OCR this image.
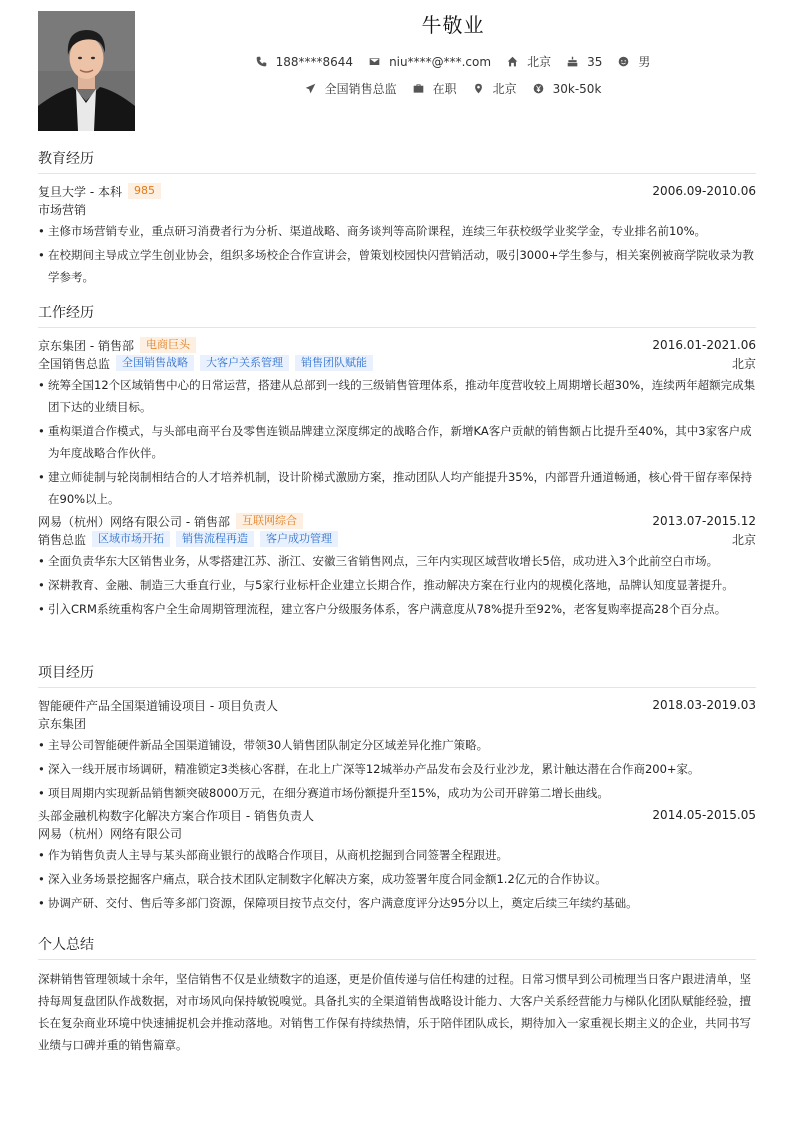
牛敬业
188****8644	niu****@***.com	北京	35	男
全国销售总监	在职	北京	30k-50k
教育经历
复旦大学 - 本科	985	2006.09-2010.06
市场营销
• 主修市场营销专业，重点研习消费者行为分析、渠道战略、商务谈判等高阶课程，连续三年获校级学业奖学金，专业排名前10%。
• 在校期间主导成立学生创业协会，组织多场校企合作宣讲会，曾策划校园快闪营销活动，吸引3000+学生参与，相关案例被商学院收录为教学参考。
工作经历
京东集团 - 销售部	电商巨头	2016.01-2021.06
全国销售总监	全国销售战略	大客户关系管理	销售团队赋能	北京
• 统筹全国12个区域销售中心的日常运营，搭建从总部到一线的三级销售管理体系，推动年度营收较上周期增长超30%，连续两年超额完成集团下达的业绩目标。
• 重构渠道合作模式，与头部电商平台及零售连锁品牌建立深度绑定的战略合作，新增KA客户贡献的销售额占比提升至40%，其中3家客户成为年度战略合作伙伴。
• 建立师徒制与轮岗制相结合的人才培养机制，设计阶梯式激励方案，推动团队人均产能提升35%，内部晋升通道畅通，核心骨干留存率保持在90%以上。
网易（杭州）网络有限公司 - 销售部	互联网综合	2013.07-2015.12
销售总监	区域市场开拓	销售流程再造	客户成功管理	北京
• 全面负责华东大区销售业务，从零搭建江苏、浙江、安徽三省销售网点，三年内实现区域营收增长5倍，成功进入3个此前空白市场。
• 深耕教育、金融、制造三大垂直行业，与5家行业标杆企业建立长期合作，推动解决方案在行业内的规模化落地，品牌认知度显著提升。
• 引入CRM系统重构客户全生命周期管理流程，建立客户分级服务体系，客户满意度从78%提升至92%，老客复购率提高28个百分点。
项目经历
智能硬件产品全国渠道铺设项目 - 项目负责人	2018.03-2019.03
京东集团
• 主导公司智能硬件新品全国渠道铺设，带领30人销售团队制定分区域差异化推广策略。
• 深入一线开展市场调研，精准锁定3类核心客群，在北上广深等12城举办产品发布会及行业沙龙，累计触达潜在合作商200+家。
• 项目周期内实现新品销售额突破8000万元，在细分赛道市场份额提升至15%，成功为公司开辟第二增长曲线。
头部金融机构数字化解决方案合作项目 - 销售负责人	2014.05-2015.05
网易（杭州）网络有限公司
• 作为销售负责人主导与某头部商业银行的战略合作项目，从商机挖掘到合同签署全程跟进。
• 深入业务场景挖掘客户痛点，联合技术团队定制数字化解决方案，成功签署年度合同金额1.2亿元的合作协议。
• 协调产研、交付、售后等多部门资源，保障项目按节点交付，客户满意度评分达95分以上，奠定后续三年续约基础。
个人总结

深耕销售管理领域十余年，坚信销售不仅是业绩数字的追逐，更是价值传递与信任构建的过程。日常习惯早到公司梳理当日客户跟进清单，坚持每周复盘团队作战数据，对市场风向保持敏锐嗅觉。具备扎实的全渠道销售战略设计能力、大客户关系经营能力与梯队化团队赋能经验，擅长在复杂商业环境中快速捕捉机会并推动落地。对销售工作保有持续热情，乐于陪伴团队成长，期待加入一家重视长期主义的企业，共同书写业绩与口碑并重的销售篇章。
